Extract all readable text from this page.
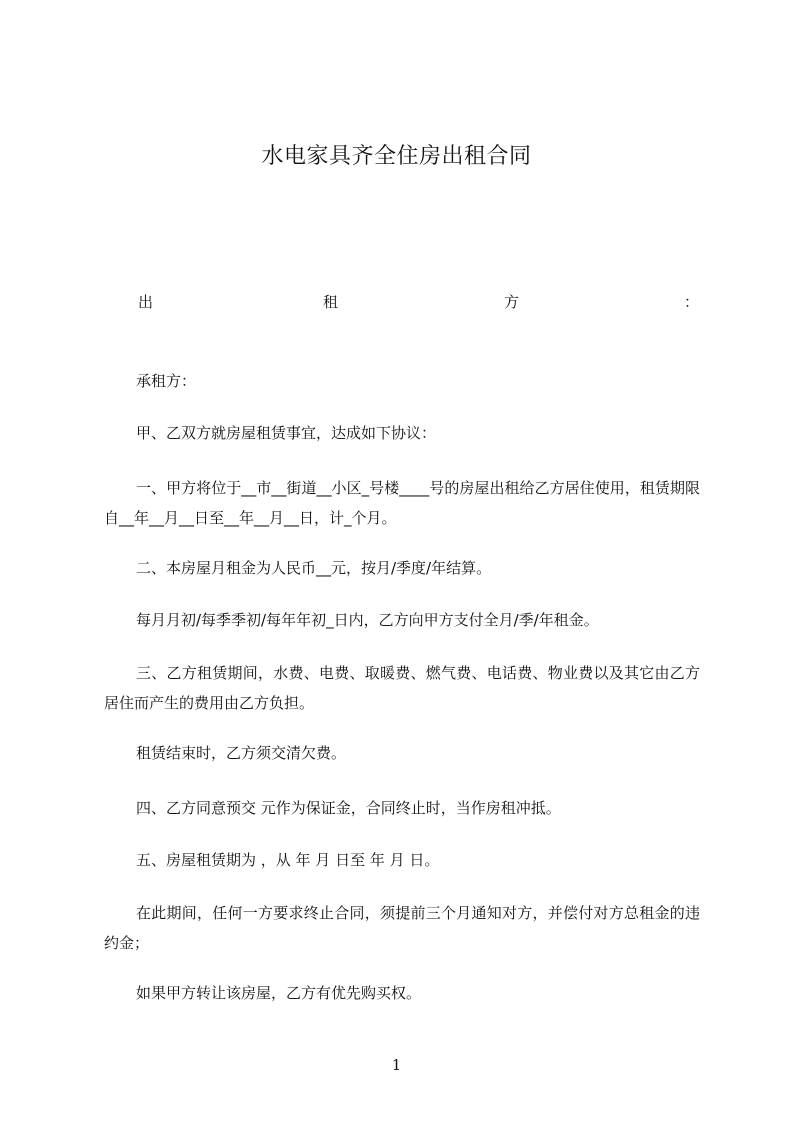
水电家具齐全住房出租合同
出	租	方	：
承租方：
甲、乙双方就房屋租赁事宜，达成如下协议：
一、甲方将位于__市__街道__小区_号楼____号的房屋出租给乙方居住使用，租赁期限自__年__月__日至__年__月__日，计_个月。
二、本房屋月租金为人民币__元，按月/季度/年结算。
每月月初/每季季初/每年年初_日内，乙方向甲方支付全月/季/年租金。
三、乙方租赁期间，水费、电费、取暖费、燃气费、电话费、物业费以及其它由乙方居住而产生的费用由乙方负担。
租赁结束时，乙方须交清欠费。
四、乙方同意预交 元作为保证金，合同终止时，当作房租冲抵。
五、房屋租赁期为 ，从 年 月 日至 年 月 日。
在此期间，任何一方要求终止合同，须提前三个月通知对方，并偿付对方总租金的违约金；
如果甲方转让该房屋，乙方有优先购买权。
1
